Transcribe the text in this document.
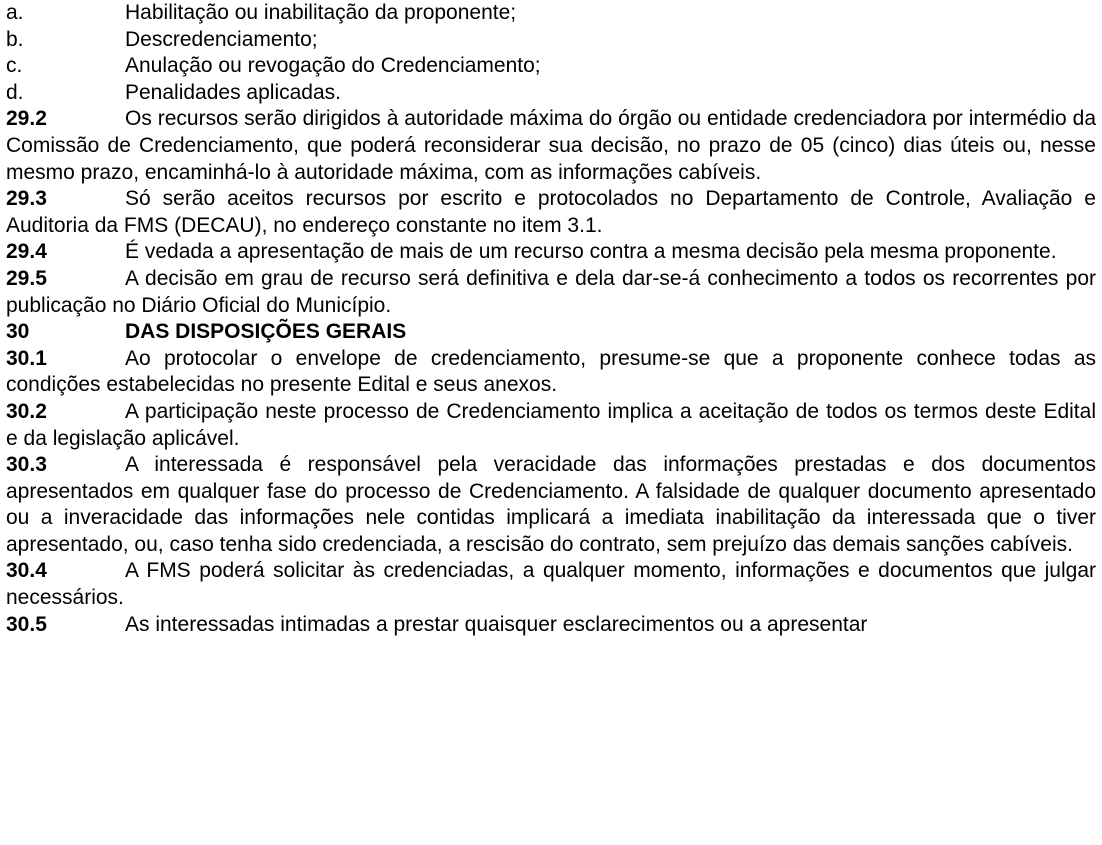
a.	Habilitação ou inabilitação da proponente;
b.	Descredenciamento;
c.	Anulação ou revogação do Credenciamento;
d.	Penalidades aplicadas.
29.2	Os recursos serão dirigidos à autoridade máxima do órgão ou entidade credenciadora por intermédio da Comissão de Credenciamento, que poderá reconsiderar sua decisão, no prazo de 05 (cinco) dias úteis ou, nesse mesmo prazo, encaminhá-lo à autoridade máxima, com as informações cabíveis.
29.3	Só serão aceitos recursos por escrito e protocolados no Departamento de Controle, Avaliação e Auditoria da FMS (DECAU), no endereço constante no item 3.1.
29.4	É vedada a apresentação de mais de um recurso contra a mesma decisão pela mesma proponente.
29.5	A decisão em grau de recurso será definitiva e dela dar-se-á conhecimento a todos os recorrentes por publicação no Diário Oficial do Município.
30	DAS DISPOSIÇÕES GERAIS
30.1	Ao protocolar o envelope de credenciamento, presume-se que a proponente conhece todas as condições estabelecidas no presente Edital e seus anexos.
30.2	A participação neste processo de Credenciamento implica a aceitação de todos os termos deste Edital e da legislação aplicável.
30.3	A interessada é responsável pela veracidade das informações prestadas e dos documentos apresentados em qualquer fase do processo de Credenciamento. A falsidade de qualquer documento apresentado ou a inveracidade das informações nele contidas implicará a imediata inabilitação da interessada que o tiver apresentado, ou, caso tenha sido credenciada, a rescisão do contrato, sem prejuízo das demais sanções cabíveis.
30.4	A FMS poderá solicitar às credenciadas, a qualquer momento, informações e documentos que julgar necessários.
30.5	As interessadas intimadas a prestar quaisquer esclarecimentos ou a apresentar
